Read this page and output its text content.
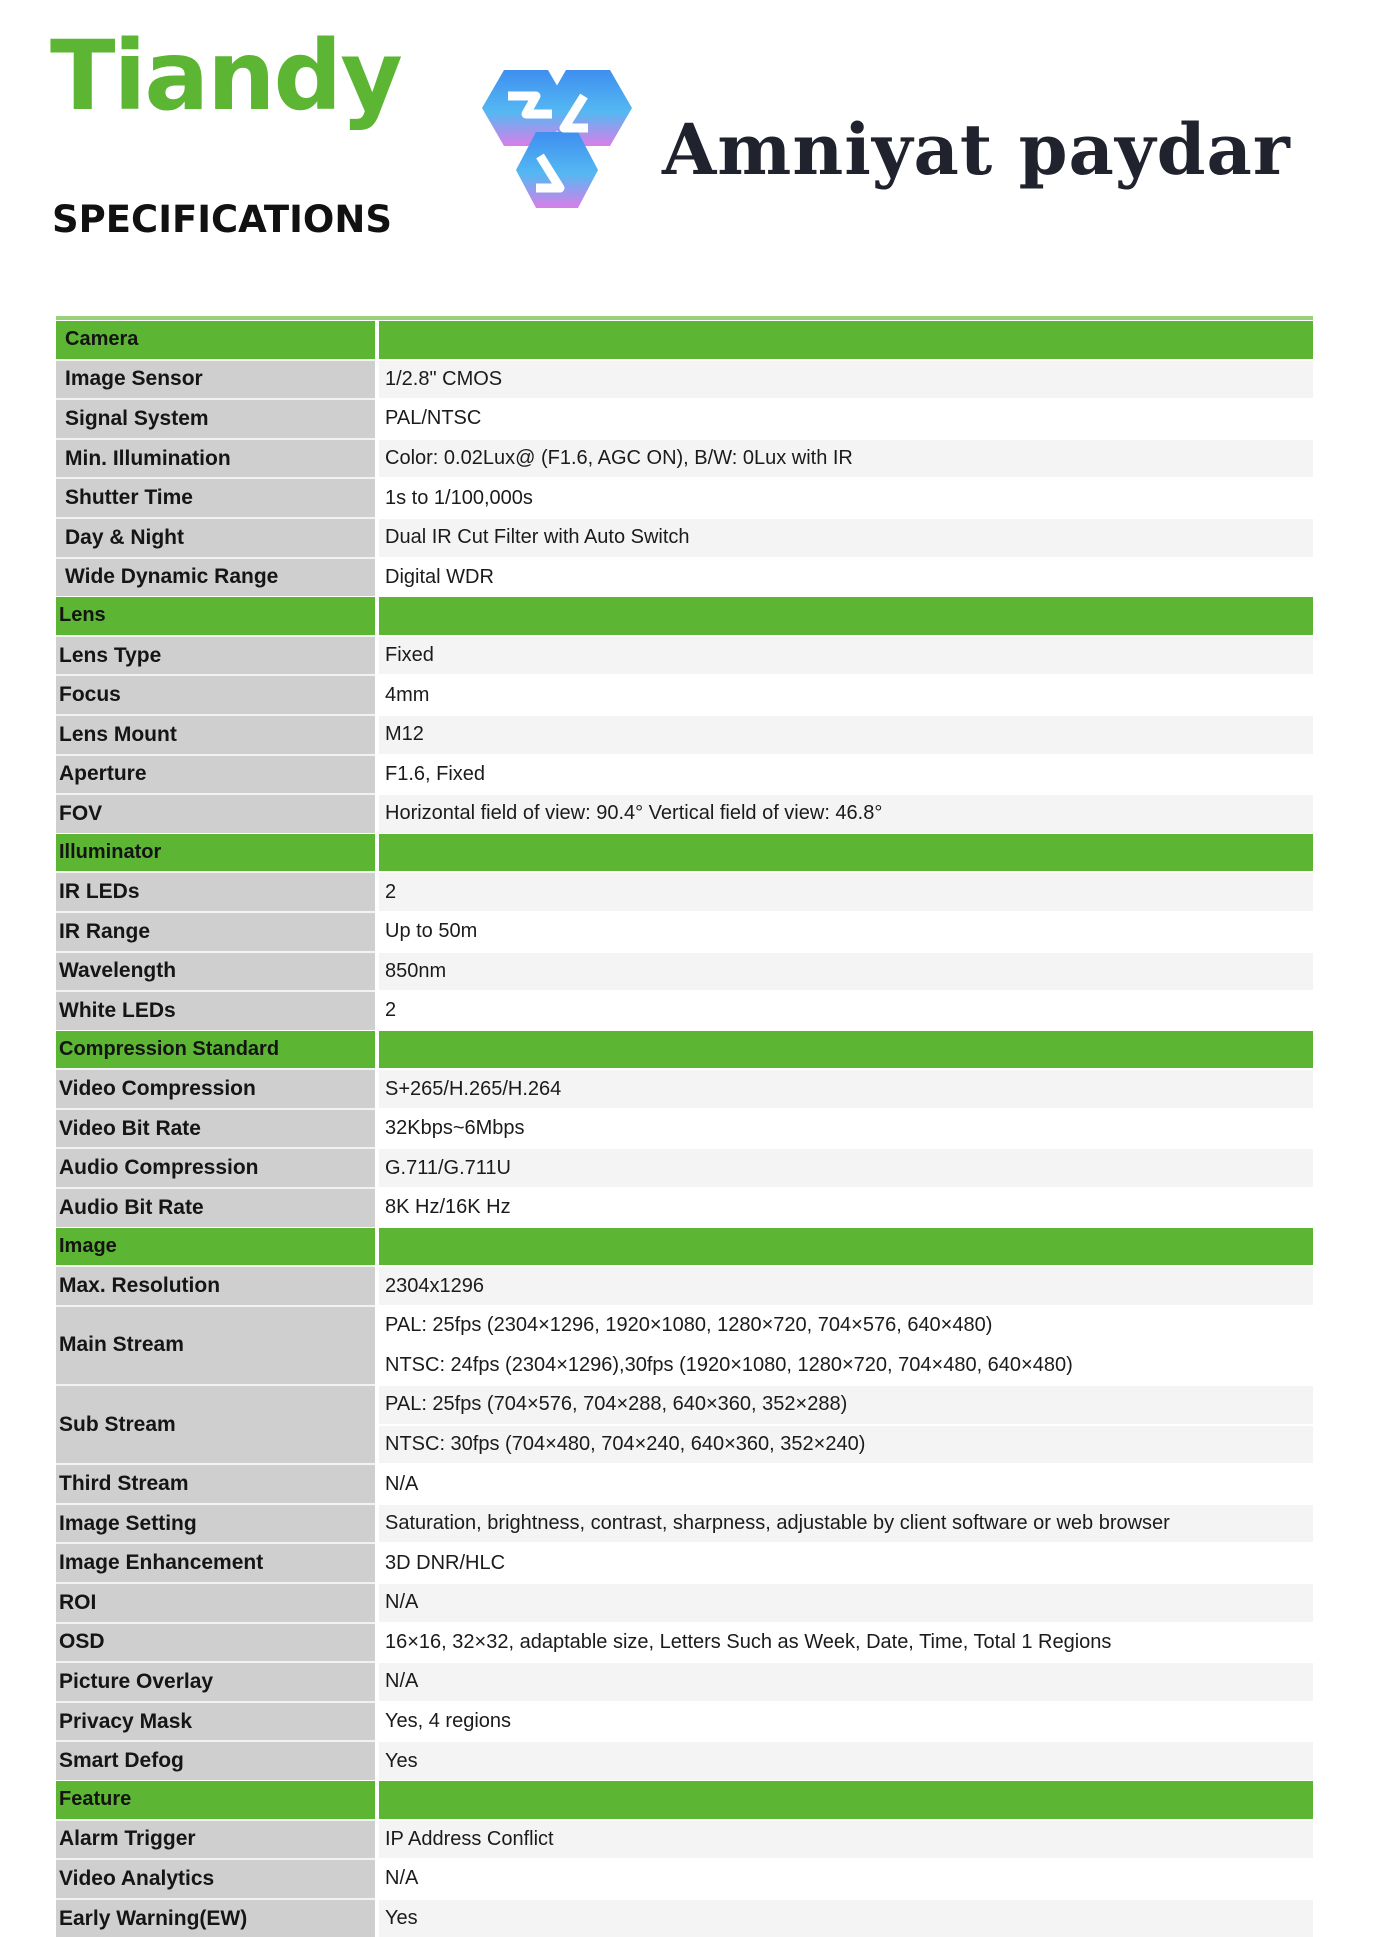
Tiandy
SPECIFICATIONS
Amniyat paydar

Camera	
Image Sensor	1/2.8" CMOS
Signal System	PAL/NTSC
Min. Illumination	Color: 0.02Lux@ (F1.6, AGC ON), B/W: 0Lux with IR
Shutter Time	1s to 1/100,000s
Day & Night	Dual IR Cut Filter with Auto Switch
Wide Dynamic Range	Digital WDR
Lens	
Lens Type	Fixed
Focus	4mm
Lens Mount	M12
Aperture	F1.6, Fixed
FOV	Horizontal field of view: 90.4° Vertical field of view: 46.8°
Illuminator	
IR LEDs	2
IR Range	Up to 50m
Wavelength	850nm
White LEDs	2
Compression Standard	
Video Compression	S+265/H.265/H.264
Video Bit Rate	32Kbps~6Mbps
Audio Compression	G.711/G.711U
Audio Bit Rate	8K Hz/16K Hz
Image	
Max. Resolution	2304x1296
Main Stream	PAL: 25fps (2304×1296, 1920×1080, 1280×720, 704×576, 640×480)
	NTSC: 24fps (2304×1296),30fps (1920×1080, 1280×720, 704×480, 640×480)
Sub Stream	PAL: 25fps (704×576, 704×288, 640×360, 352×288)
	NTSC: 30fps (704×480, 704×240, 640×360, 352×240)
Third Stream	N/A
Image Setting	Saturation, brightness, contrast, sharpness, adjustable by client software or web browser
Image Enhancement	3D DNR/HLC
ROI	N/A
OSD	16×16, 32×32, adaptable size, Letters Such as Week, Date, Time, Total 1 Regions
Picture Overlay	N/A
Privacy Mask	Yes, 4 regions
Smart Defog	Yes
Feature	
Alarm Trigger	IP Address Conflict
Video Analytics	N/A
Early Warning(EW)	Yes
